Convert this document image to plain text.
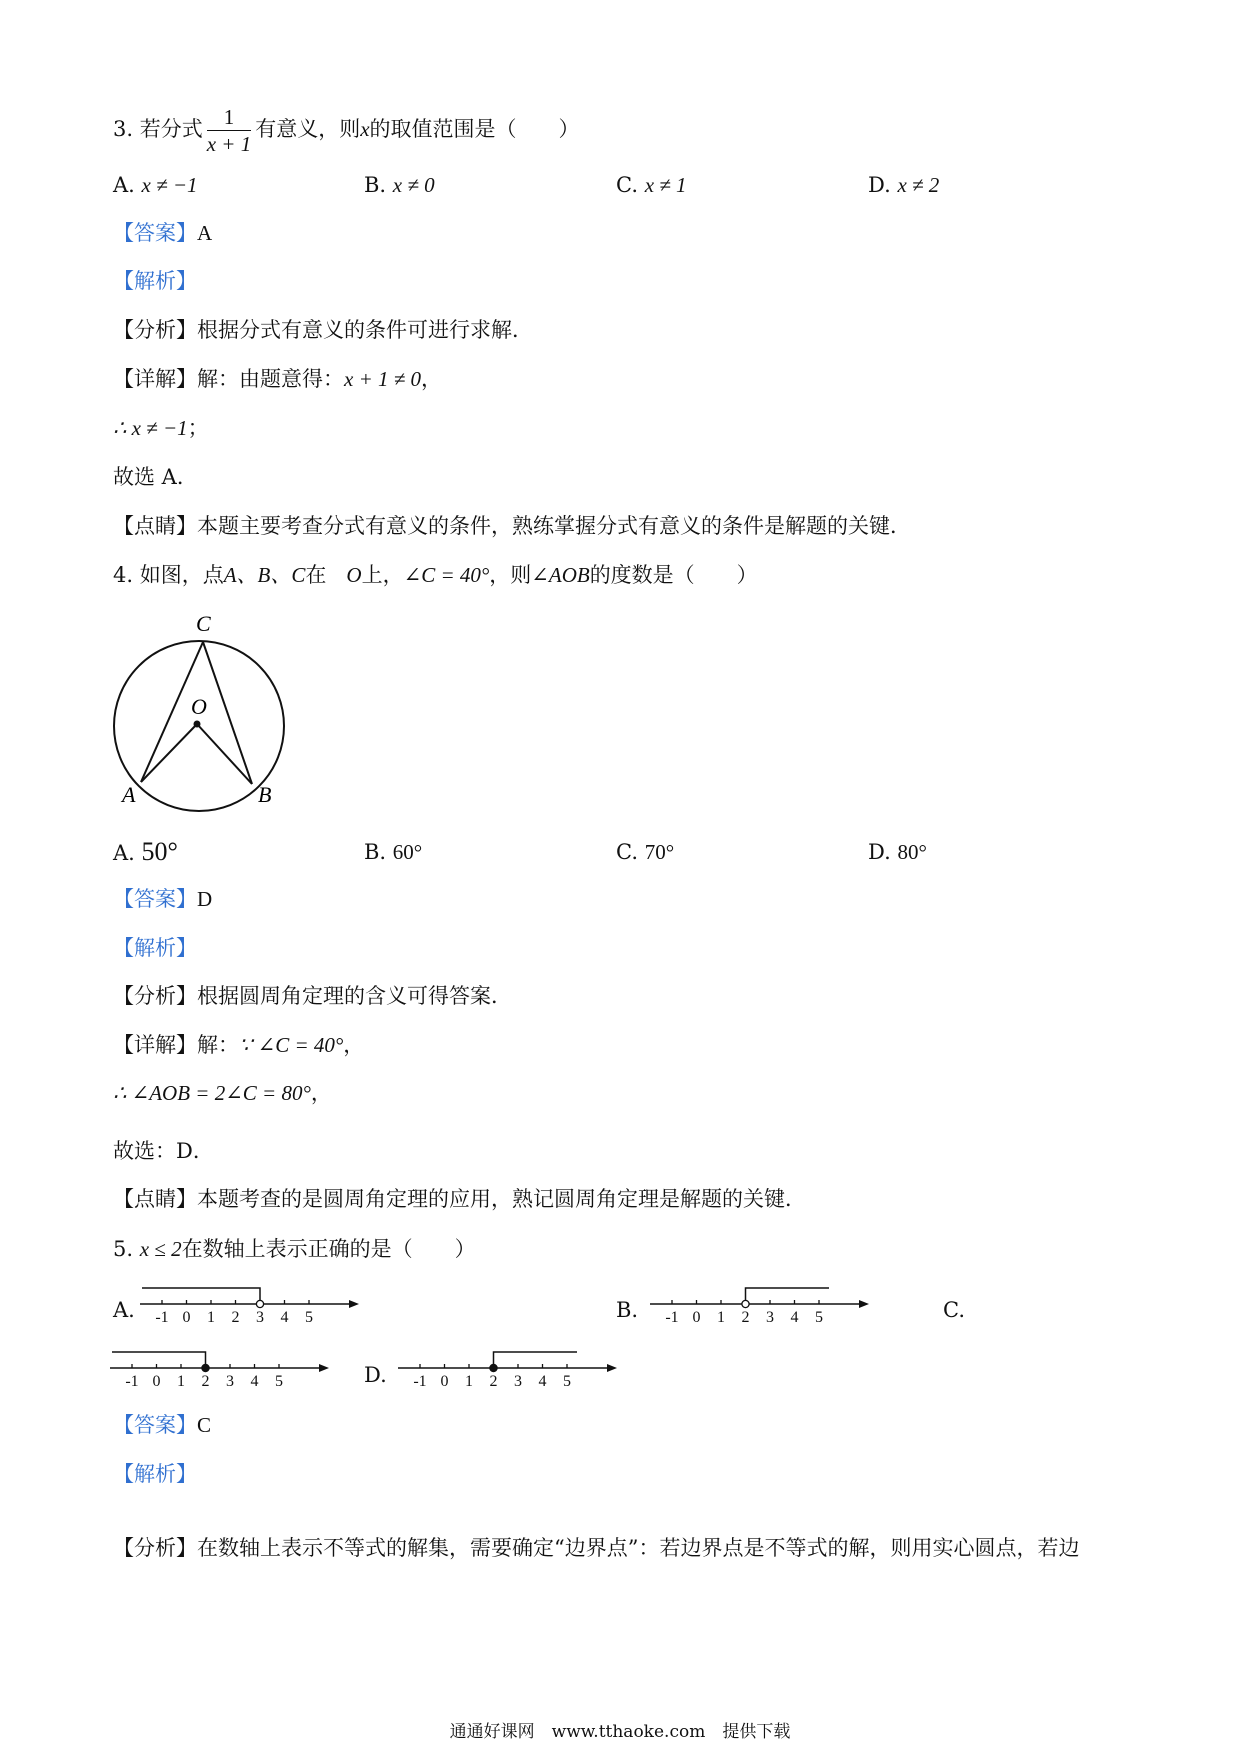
3. 若分式 $\frac{1}{x + 1}$ 有意义，则x的取值范围是（　　）
A. x ≠ −1	B. x ≠ 0	C. x ≠ 1	D. x ≠ 2
【答案】A
【解析】
【分析】根据分式有意义的条件可进行求解．
【详解】解：由题意得：x + 1 ≠ 0，
∴ x ≠ −1；
故选 A．
【点睛】本题主要考查分式有意义的条件，熟练掌握分式有意义的条件是解题的关键．
4. 如图，点A、B、C在 O上，∠C = 40°，则∠AOB的度数是（　　）
C
O
A	B
A. 50°	B. 60°	C. 70°	D. 80°
【答案】D
【解析】
【分析】根据圆周角定理的含义可得答案．
【详解】解：∵ ∠C = 40°，
∴ ∠AOB = 2∠C = 80°，
故选：D．
【点睛】本题考查的是圆周角定理的应用，熟记圆周角定理是解题的关键．
5. x ≤ 2在数轴上表示正确的是（　　）
A.	B.	C.
D.
-1 0 1 2 3 4 5	-1 0 1 2 3 4 5
-1 0 1 2 3 4 5	-1 0 1 2 3 4 5
【答案】C
【解析】
【分析】在数轴上表示不等式的解集，需要确定“边界点”：若边界点是不等式的解，则用实心圆点，若边
通通好课网　www.tthaoke.com　提供下载
